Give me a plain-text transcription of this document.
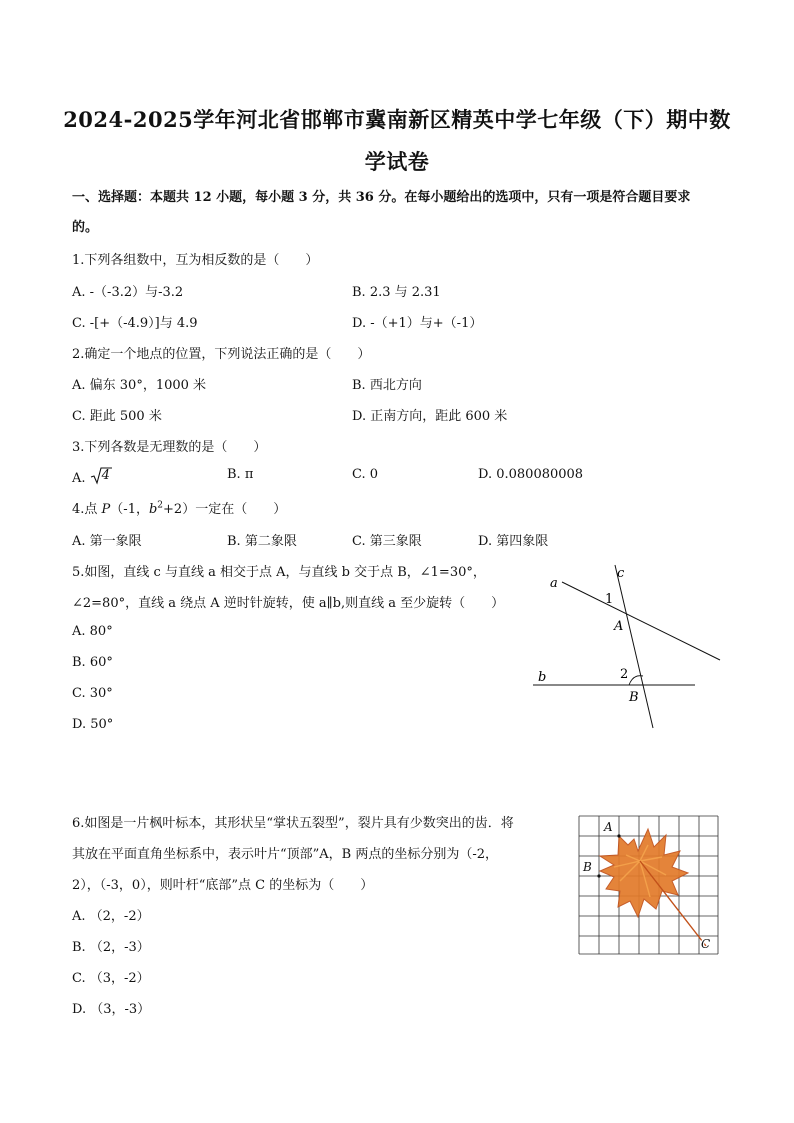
2024-2025学年河北省邯郸市冀南新区精英中学七年级（下）期中数
学试卷
一、选择题：本题共 12 小题，每小题 3 分，共 36 分。在每小题给出的选项中，只有一项是符合题目要求
的。
1.下列各组数中，互为相反数的是（　　）
A. -（-3.2）与-3.2	B. 2.3 与 2.31
C. -[+（-4.9）]与 4.9	D. -（+1）与+（-1）
2.确定一个地点的位置，下列说法正确的是（　　）
A. 偏东 30°，1000 米	B. 西北方向
C. 距此 500 米	D. 正南方向，距此 600 米
3.下列各数是无理数的是（　　）
A. 4	B. π	C. 0	D. 0.080080008
4.点 P（-1，$b^2+2$）一定在（　　）
A. 第一象限	B. 第二象限	C. 第三象限	D. 第四象限
5.如图，直线 c 与直线 a 相交于点 A，与直线 b 交于点 B，∠1=30°，
∠2=80°，直线 a 绕点 A 逆时针旋转，使 a∥b,则直线 a 至少旋转（　　）
A. 80°
B. 60°
C. 30°
D. 50°
a
c
1
A
b	2
B
6.如图是一片枫叶标本，其形状呈“掌状五裂型”，裂片具有少数突出的齿．将
其放在平面直角坐标系中，表示叶片“顶部”A，B 两点的坐标分别为（-2，
2），（-3，0），则叶杆“底部”点 C 的坐标为（　　）
A. （2，-2）
B. （2，-3）
C. （3，-2）
D. （3，-3）
A
B
C
